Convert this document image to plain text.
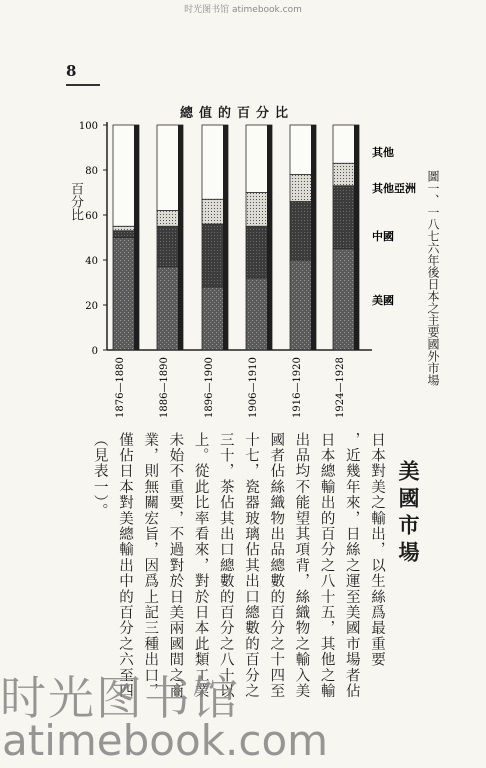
时光图书馆 atimebook.com
8
總值的百分比
百分比
0
20
40
60
80
100
1876—1880	1886—1890	1896—1900	1906—1910	1916—1920	1924—1928
美國
中國
其他亞洲
其他
圖一、一八七六年後日本之主要國外市場
美國市場
日本對美之輸出，以生絲爲最重要
，近幾年來，日絲之運至美國市場者佔
日本總輸出的百分之八十五，其他之輸
出品均不能望其項背，絲織物之輸入美
國者佔絲織物出品總數的百分之十四至
十七，瓷器玻璃佔其出口總數的百分之
三十，茶佔其出口總數的百分之八十以
上。從此比率看來，對於日本此類工業
未始不重要，不過對於日美兩國間之商
業，則無關宏旨，因爲上記三種出口，
僅佔日本對美總輸出中的百分之六至四
（見表一）。
时光图书馆
atimebook.com
